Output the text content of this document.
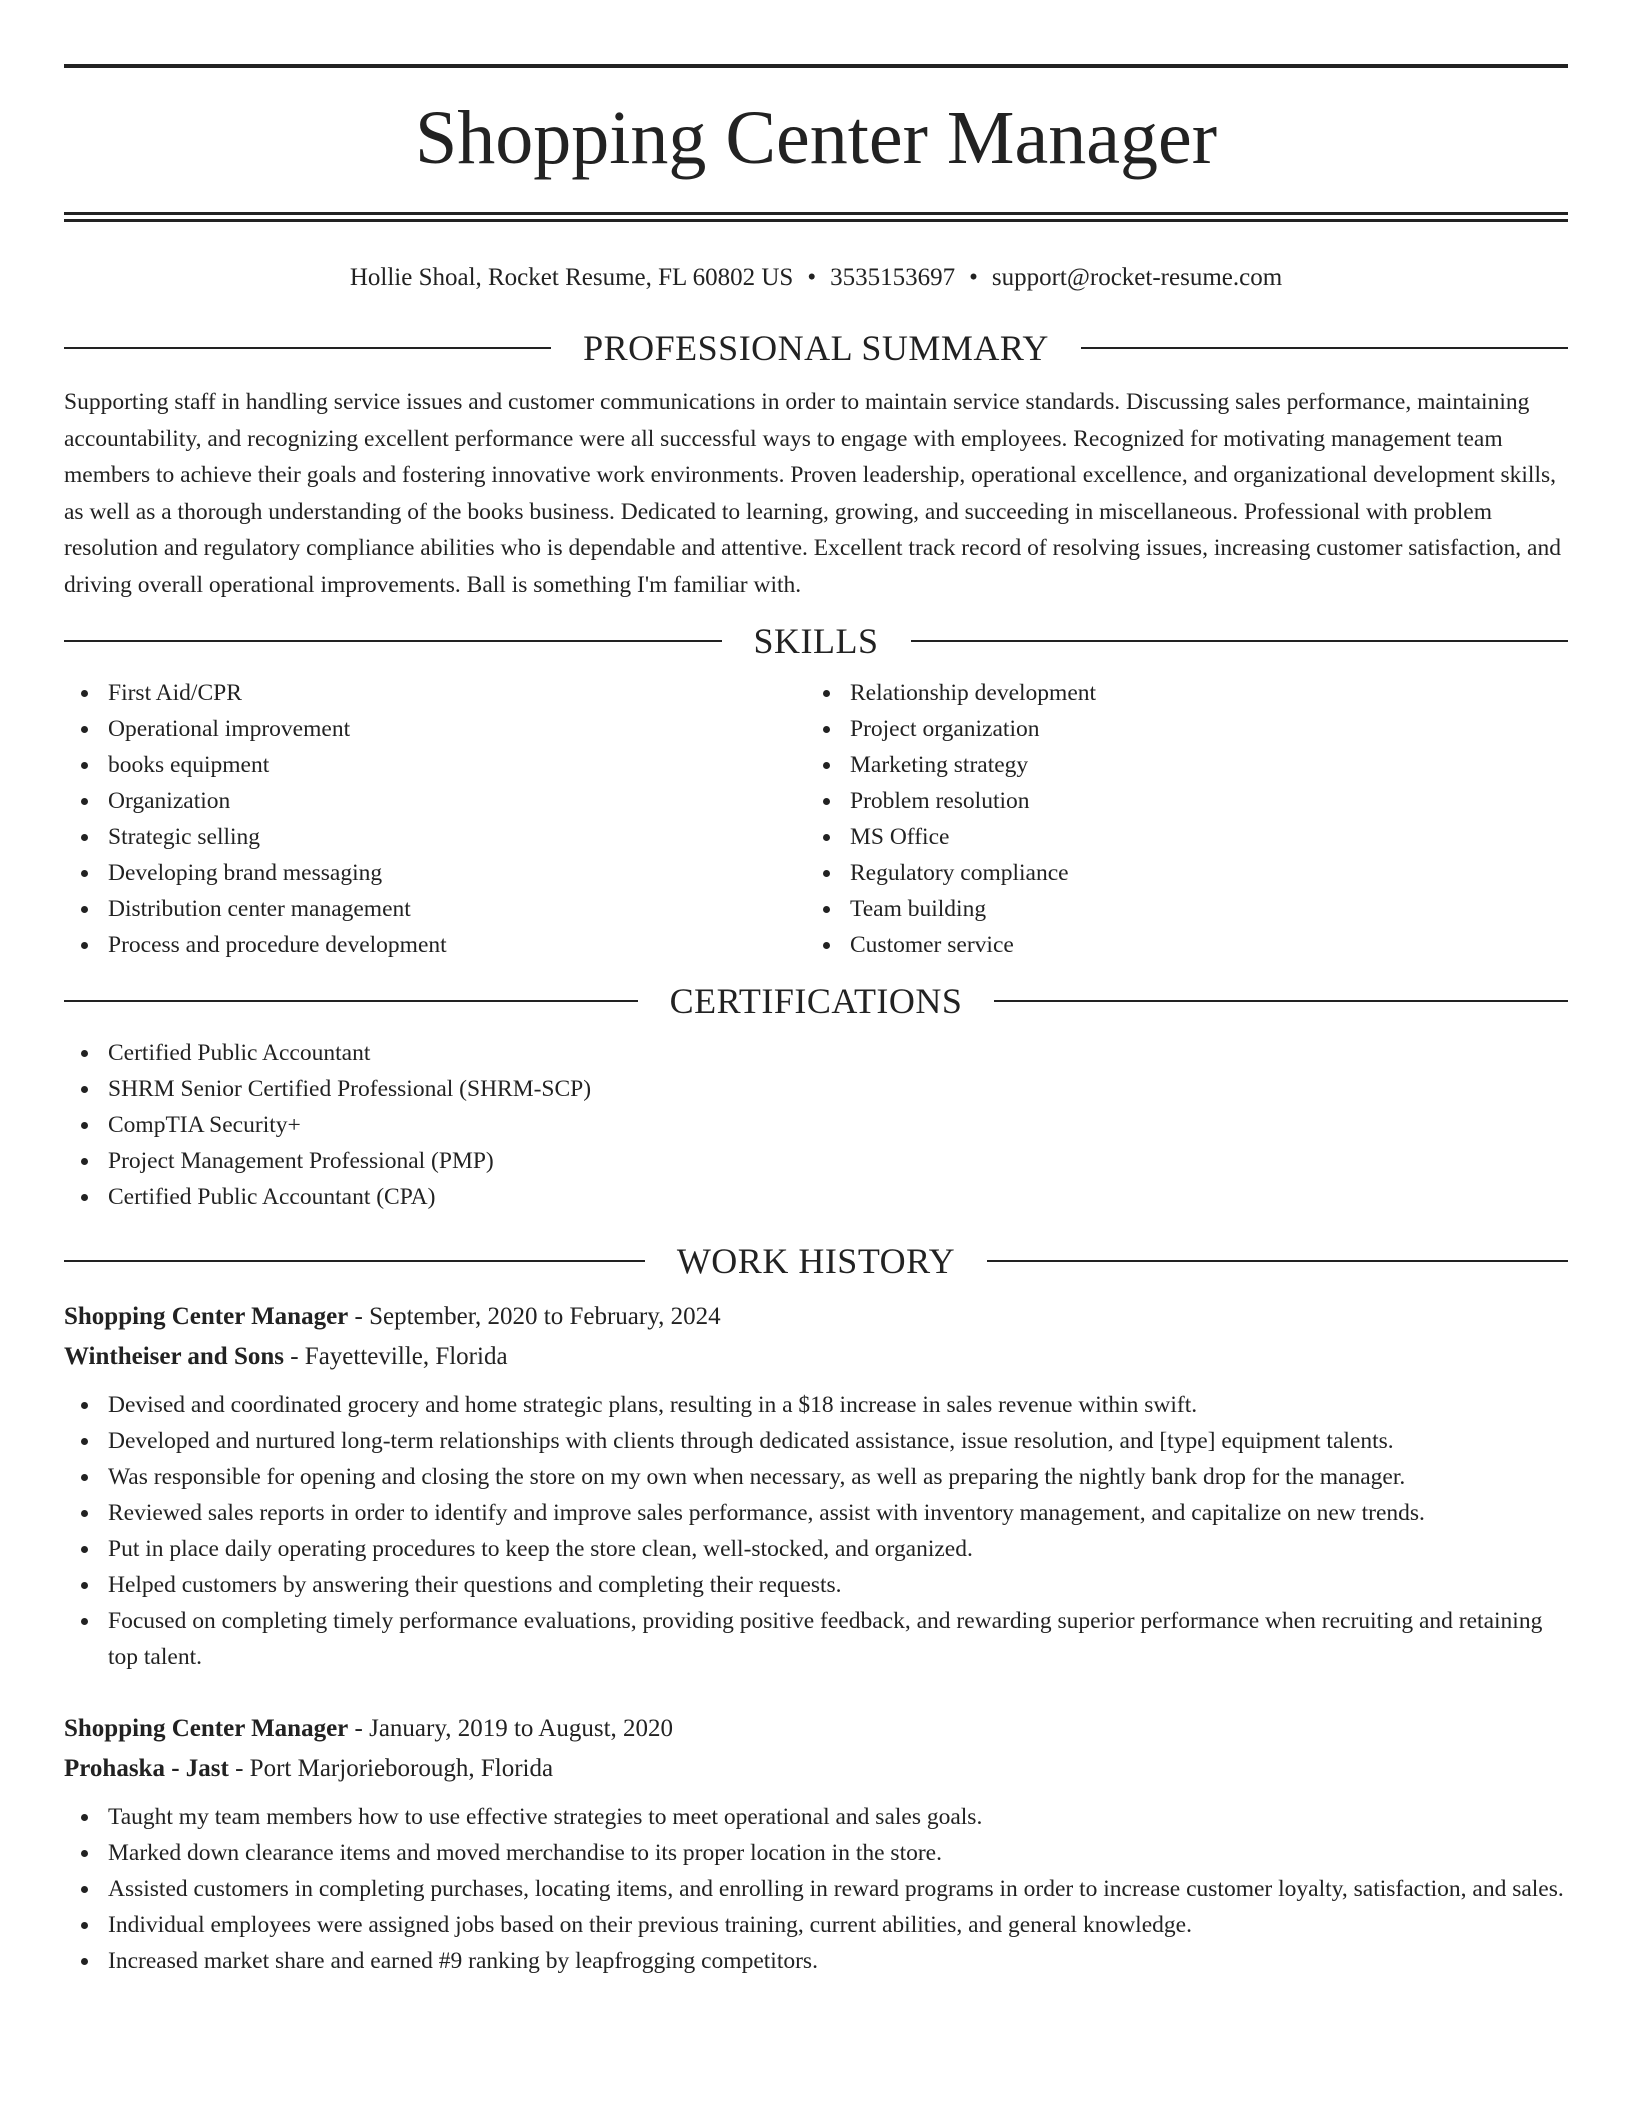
Shopping Center Manager
Hollie Shoal, Rocket Resume, FL 60802 US • 3535153697 • support@rocket-resume.com
PROFESSIONAL SUMMARY

Supporting staff in handling service issues and customer communications in order to maintain service standards. Discussing sales performance, maintaining accountability, and recognizing excellent performance were all successful ways to engage with employees. Recognized for motivating management team members to achieve their goals and fostering innovative work environments. Proven leadership, operational excellence, and organizational development skills, as well as a thorough understanding of the books business. Dedicated to learning, growing, and succeeding in miscellaneous. Professional with problem resolution and regulatory compliance abilities who is dependable and attentive. Excellent track record of resolving issues, increasing customer satisfaction, and driving overall operational improvements. Ball is something I'm familiar with.

SKILLS
First Aid/CPR
Operational improvement
books equipment
Organization
Strategic selling
Developing brand messaging
Distribution center management
Process and procedure development
Relationship development
Project organization
Marketing strategy
Problem resolution
MS Office
Regulatory compliance
Team building
Customer service
CERTIFICATIONS
Certified Public Accountant
SHRM Senior Certified Professional (SHRM-SCP)
CompTIA Security+
Project Management Professional (PMP)
Certified Public Accountant (CPA)
WORK HISTORY
Shopping Center Manager - September, 2020 to February, 2024
Wintheiser and Sons - Fayetteville, Florida
Devised and coordinated grocery and home strategic plans, resulting in a $18 increase in sales revenue within swift.
Developed and nurtured long-term relationships with clients through dedicated assistance, issue resolution, and [type] equipment talents.
Was responsible for opening and closing the store on my own when necessary, as well as preparing the nightly bank drop for the manager.
Reviewed sales reports in order to identify and improve sales performance, assist with inventory management, and capitalize on new trends.
Put in place daily operating procedures to keep the store clean, well-stocked, and organized.
Helped customers by answering their questions and completing their requests.
Focused on completing timely performance evaluations, providing positive feedback, and rewarding superior performance when recruiting and retaining top talent.
Shopping Center Manager - January, 2019 to August, 2020
Prohaska - Jast - Port Marjorieborough, Florida
Taught my team members how to use effective strategies to meet operational and sales goals.
Marked down clearance items and moved merchandise to its proper location in the store.
Assisted customers in completing purchases, locating items, and enrolling in reward programs in order to increase customer loyalty, satisfaction, and sales.
Individual employees were assigned jobs based on their previous training, current abilities, and general knowledge.
Increased market share and earned #9 ranking by leapfrogging competitors.
